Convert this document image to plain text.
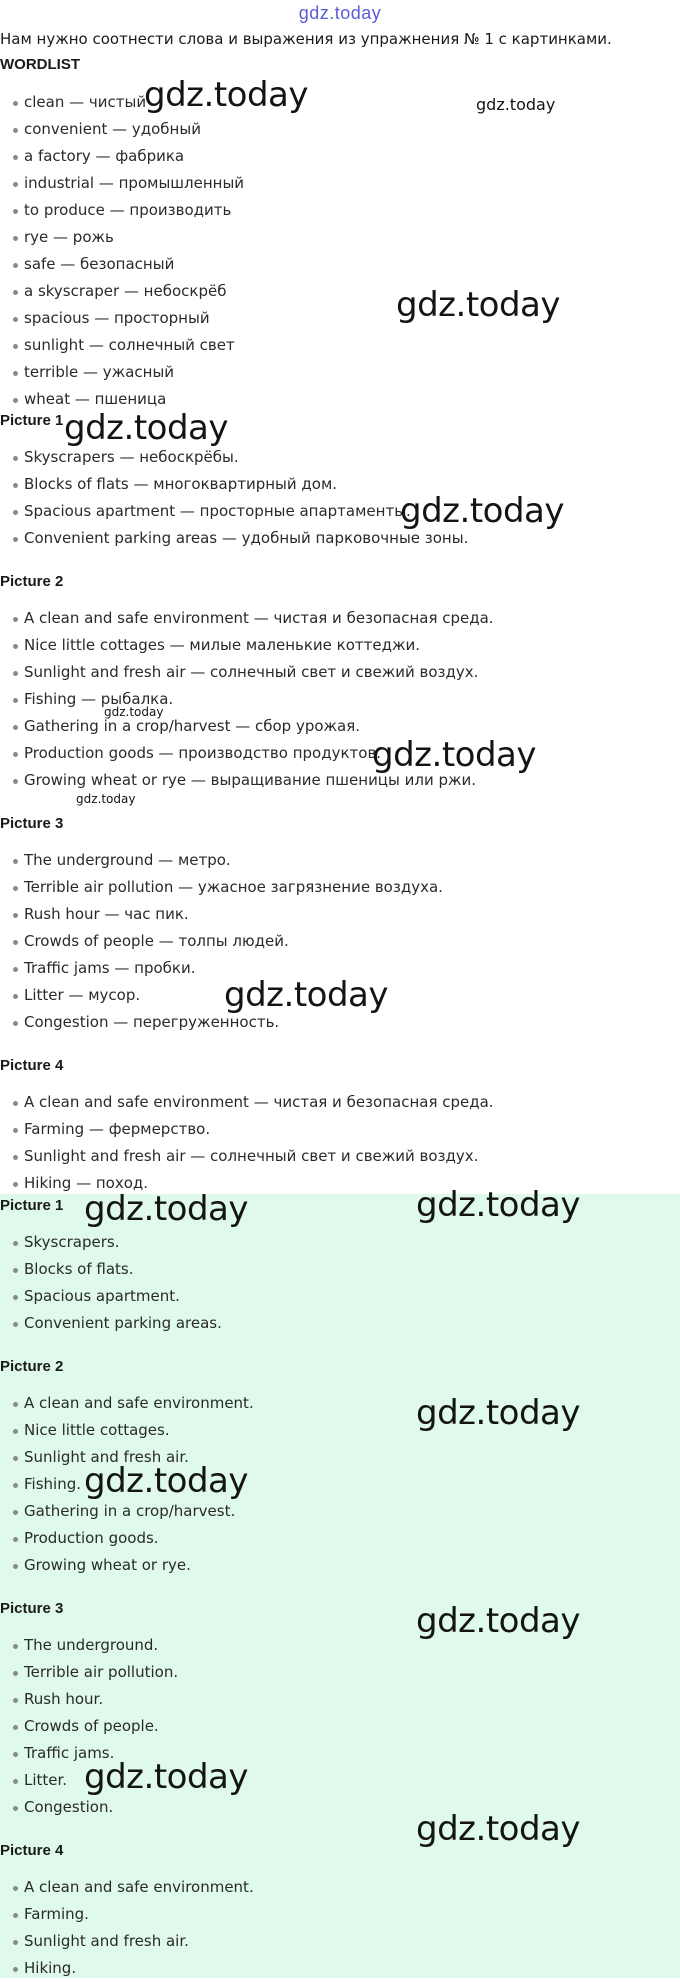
gdz.today

Нам нужно соотнести слова и выражения из упражнения № 1 с картинками.

WORDLIST
clean — чистый
convenient — удобный
a factory — фабрика
industrial — промышленный
to produce — производить
rye — рожь
safe — безопасный
a skyscraper — небоскрёб
spacious — просторный
sunlight — солнечный свет
terrible — ужасный
wheat — пшеница
Picture 1
Skyscrapers — небоскрёбы.
Blocks of flats — многоквартирный дом.
Spacious apartment — просторные апартаменты.
Convenient parking areas — удобный парковочные зоны.
Picture 2
A clean and safe environment — чистая и безопасная среда.
Nice little cottages — милые маленькие коттеджи.
Sunlight and fresh air — солнечный свет и свежий воздух.
Fishing — рыбалка.
Gathering in a crop/harvest — сбор урожая.
Production goods — производство продуктов.
Growing wheat or rye — выращивание пшеницы или ржи.
Picture 3
The underground — метро.
Terrible air pollution — ужасное загрязнение воздуха.
Rush hour — час пик.
Crowds of people — толпы людей.
Traffic jams — пробки.
Litter — мусор.
Congestion — перегруженность.
Picture 4
A clean and safe environment — чистая и безопасная среда.
Farming — фермерство.
Sunlight and fresh air — солнечный свет и свежий воздух.
Hiking — поход.
Picture 1
Skyscrapers.
Blocks of flats.
Spacious apartment.
Convenient parking areas.
Picture 2
A clean and safe environment.
Nice little cottages.
Sunlight and fresh air.
Fishing.
Gathering in a crop/harvest.
Production goods.
Growing wheat or rye.
Picture 3
The underground.
Terrible air pollution.
Rush hour.
Crowds of people.
Traffic jams.
Litter.
Congestion.
Picture 4
A clean and safe environment.
Farming.
Sunlight and fresh air.
Hiking.
gdz.today	gdz.today
gdz.today
gdz.today
gdz.today
gdz.today
gdz.today
gdz.today
gdz.today
gdz.today	gdz.today
gdz.today
gdz.today
gdz.today
gdz.today
gdz.today
